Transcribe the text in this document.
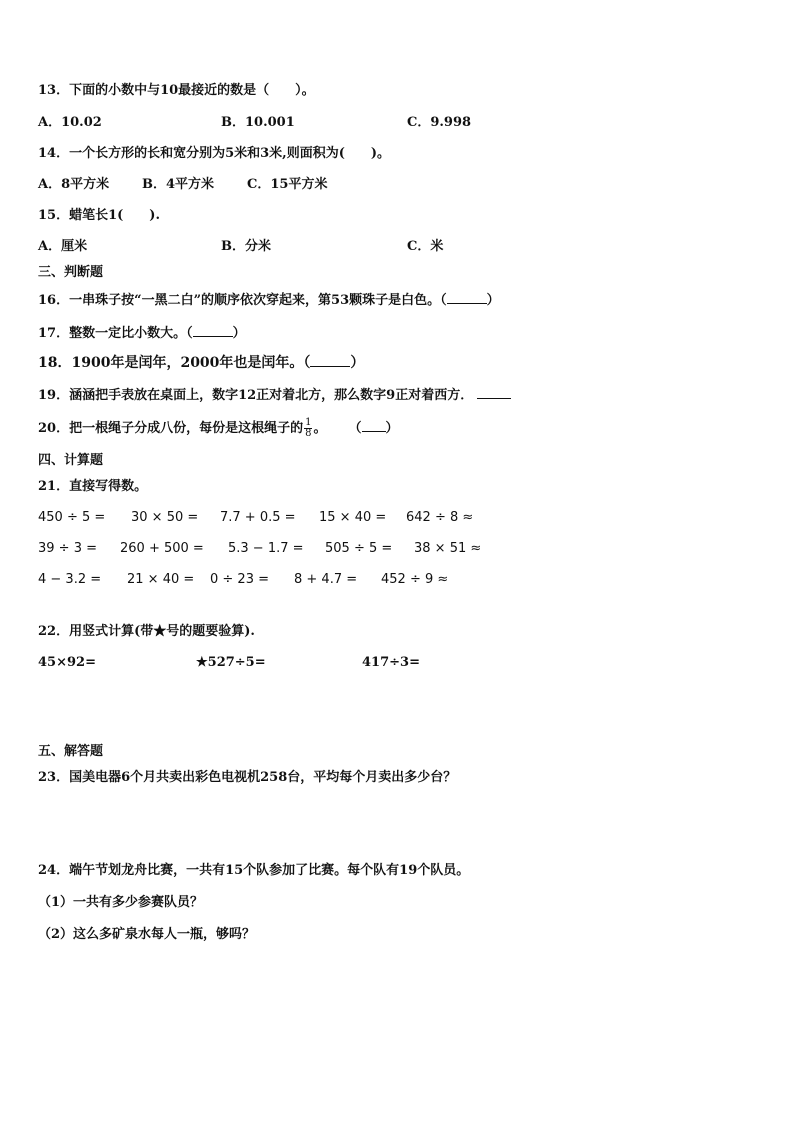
13．下面的小数中与10最接近的数是（　　）。
A．10.02	B．10.001	C．9.998
14．一个长方形的长和宽分别为5米和3米,则面积为(　　)。
A．8平方米	B．4平方米	C．15平方米
15．蜡笔长1(　　).
A．厘米	B．分米	C．米
三、判断题
16．一串珠子按“一黑二白”的顺序依次穿起来，第53颗珠子是白色。（	）
17．整数一定比小数大。（	）
18．1900年是闰年，2000年也是闰年。（	）
19．涵涵把手表放在桌面上，数字12正对着北方，那么数字9正对着西方．
20．把一根绳子分成八份，每份是这根绳子的 $\frac{1}{8}$ 。 （ ）
四、计算题
21．直接写得数。
450 ÷ 5 = 30 × 50 = 7.7 + 0.5 = 15 × 40 = 642 ÷ 8 ≈
39 ÷ 3 = 260 + 500 = 5.3 − 1.7 = 505 ÷ 5 = 38 × 51 ≈
4 − 3.2 = 21 × 40 = 0 ÷ 23 = 8 + 4.7 = 452 ÷ 9 ≈
22．用竖式计算(带★号的题要验算).
45×92=	★527÷5=	417÷3=
五、解答题
23．国美电器6个月共卖出彩色电视机258台，平均每个月卖出多少台？
24．端午节划龙舟比赛，一共有15个队参加了比赛。每个队有19个队员。
（1）一共有多少参赛队员？
（2）这么多矿泉水每人一瓶，够吗？
